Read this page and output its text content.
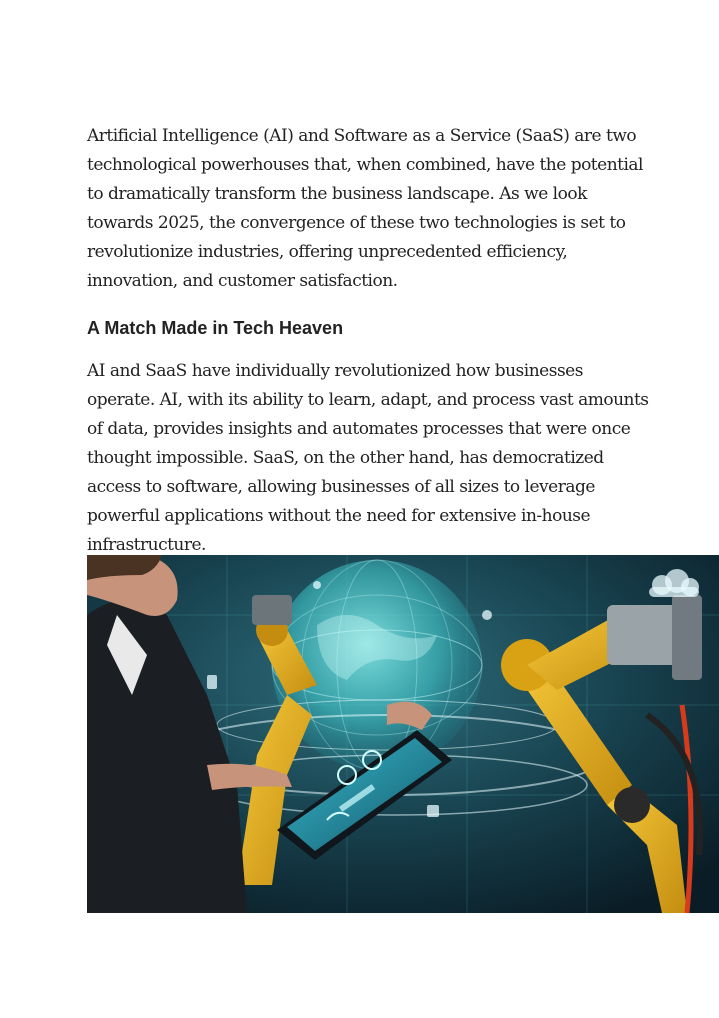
Artificial Intelligence (AI) and Software as a Service (SaaS) are two
technological powerhouses that, when combined, have the potential
to dramatically transform the business landscape. As we look
towards 2025, the convergence of these two technologies is set to
revolutionize industries, offering unprecedented efficiency,
innovation, and customer satisfaction.

A Match Made in Tech Heaven

AI and SaaS have individually revolutionized how businesses
operate. AI, with its ability to learn, adapt, and process vast amounts
of data, provides insights and automates processes that were once
thought impossible. SaaS, on the other hand, has democratized
access to software, allowing businesses of all sizes to leverage
powerful applications without the need for extensive in-house
infrastructure.
